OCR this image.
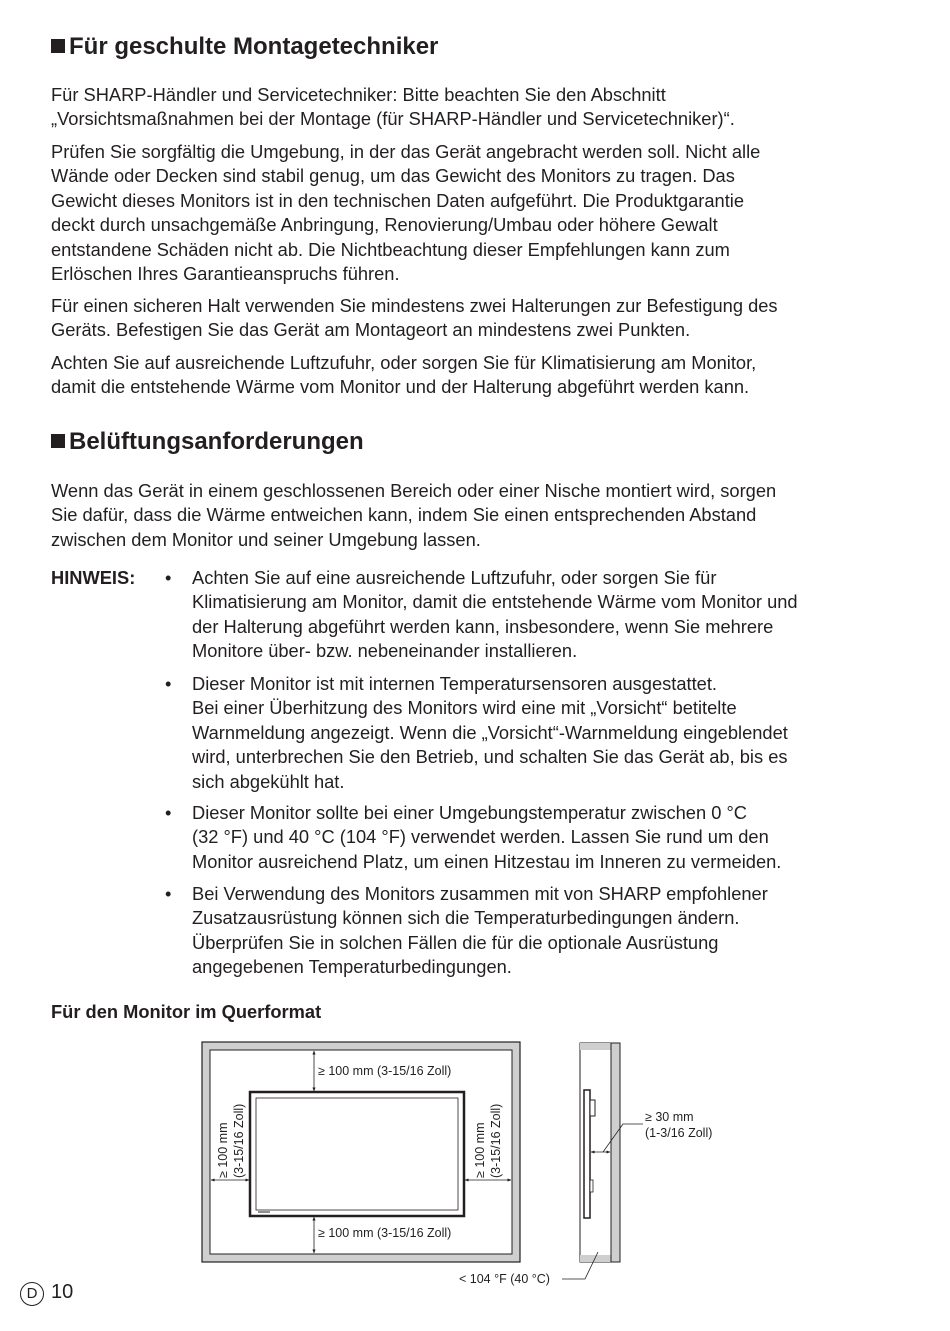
Für geschulte Montagetechniker
Für SHARP-Händler und Servicetechniker: Bitte beachten Sie den Abschnitt
„Vorsichtsmaßnahmen bei der Montage (für SHARP-Händler und Servicetechniker)“.
Prüfen Sie sorgfältig die Umgebung, in der das Gerät angebracht werden soll. Nicht alle
Wände oder Decken sind stabil genug, um das Gewicht des Monitors zu tragen. Das
Gewicht dieses Monitors ist in den technischen Daten aufgeführt. Die Produktgarantie
deckt durch unsachgemäße Anbringung, Renovierung/Umbau oder höhere Gewalt
entstandene Schäden nicht ab. Die Nichtbeachtung dieser Empfehlungen kann zum
Erlöschen Ihres Garantieanspruchs führen.
Für einen sicheren Halt verwenden Sie mindestens zwei Halterungen zur Befestigung des
Geräts. Befestigen Sie das Gerät am Montageort an mindestens zwei Punkten.
Achten Sie auf ausreichende Luftzufuhr, oder sorgen Sie für Klimatisierung am Monitor,
damit die entstehende Wärme vom Monitor und der Halterung abgeführt werden kann.
Belüftungsanforderungen
Wenn das Gerät in einem geschlossenen Bereich oder einer Nische montiert wird, sorgen
Sie dafür, dass die Wärme entweichen kann, indem Sie einen entsprechenden Abstand
zwischen dem Monitor und seiner Umgebung lassen.
HINWEIS: • Achten Sie auf eine ausreichende Luftzufuhr, oder sorgen Sie für
Klimatisierung am Monitor, damit die entstehende Wärme vom Monitor und
der Halterung abgeführt werden kann, insbesondere, wenn Sie mehrere
Monitore über- bzw. nebeneinander installieren.
• Dieser Monitor ist mit internen Temperatursensoren ausgestattet.
Bei einer Überhitzung des Monitors wird eine mit „Vorsicht“ betitelte
Warnmeldung angezeigt. Wenn die „Vorsicht“-Warnmeldung eingeblendet
wird, unterbrechen Sie den Betrieb, und schalten Sie das Gerät ab, bis es
sich abgekühlt hat.
• Dieser Monitor sollte bei einer Umgebungstemperatur zwischen 0 °C
(32 °F) und 40 °C (104 °F) verwendet werden. Lassen Sie rund um den
Monitor ausreichend Platz, um einen Hitzestau im Inneren zu vermeiden.
• Bei Verwendung des Monitors zusammen mit von SHARP empfohlener
Zusatzausrüstung können sich die Temperaturbedingungen ändern.
Überprüfen Sie in solchen Fällen die für die optionale Ausrüstung
angegebenen Temperaturbedingungen.
Für den Monitor im Querformat
≥ 100 mm (3-15/16 Zoll)
≥ 100 mm (3-15/16 Zoll)
≥ 100 mm (3-15/16 Zoll)	≥ 100 mm (3-15/16 Zoll)	≥ 30 mm
(1-3/16 Zoll)
< 104 °F (40 °C)
D 10
